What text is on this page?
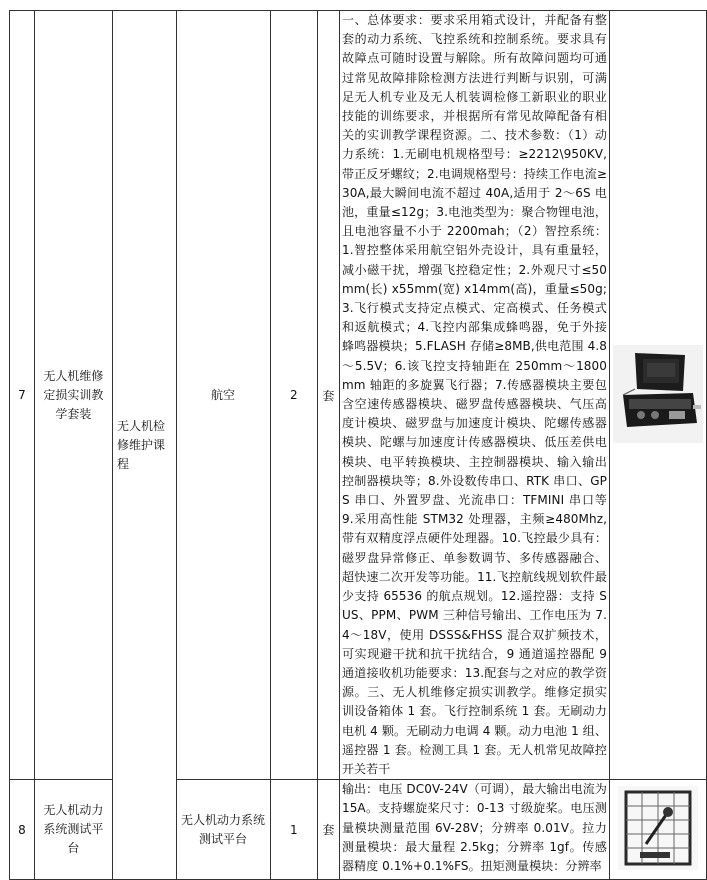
7	无人机维修定损实训教学套装	无人机检修维护课程	航空	2	套	一、总体要求：要求采用箱式设计，并配备有整套的动力系统、飞控系统和控制系统。要求具有故障点可随时设置与解除。所有故障问题均可通过常见故障排除检测方法进行判断与识别，可满足无人机专业及无人机装调检修工新职业的职业技能的训练要求，并根据所有常见故障配备有相关的实训教学课程资源。二、技术参数：（1）动力系统：1.无刷电机规格型号：≥2212\950KV,带正反牙螺纹；2.电调规格型号：持续工作电流≥30A,最大瞬间电流不超过 40A,适用于 2～6S 电池，重量≤12g；3.电池类型为：聚合物锂电池，且电池容量不小于 2200mah；（2）智控系统：1.智控整体采用航空铝外壳设计，具有重量轻，减小磁干扰，增强飞控稳定性；2.外观尺寸≤50mm(长) x55mm(宽) x14mm(高)，重量≤50g;3.飞行模式支持定点模式、定高模式、任务模式和返航模式；4.飞控内部集成蜂鸣器，免于外接蜂鸣器模块；5.FLASH 存储≥8MB,供电范围 4.8～5.5V；6.该飞控支持轴距在 250mm～1800mm 轴距的多旋翼飞行器；7.传感器模块主要包含空速传感器模块、磁罗盘传感器模块、气压高度计模块、磁罗盘与加速度计模块、陀螺传感器模块、陀螺与加速度计传感器模块、低压差供电模块、电平转换模块、主控制器模块、输入输出控制器模块等；8.外设数传串口、RTK 串口、GPS 串口、外置罗盘、光流串口：TFMINI 串口等 9.采用高性能 STM32 处理器，主频≥480Mhz,带有双精度浮点硬件处理器。10.飞控最少具有：磁罗盘异常修正、单参数调节、多传感器融合、超快速二次开发等功能。11.飞控航线规划软件最少支持 65536 的航点规划。12.遥控器：支持 SUS、PPM、PWM 三种信号输出、工作电压为 7.4～18V，使用 DSSS&FHSS 混合双扩频技术，可实现避干扰和抗干扰结合，9 通道遥控器配 9 通道接收机功能要求：13.配套与之对应的教学资源。三、无人机维修定损实训教学。维修定损实训设备箱体 1 套。飞行控制系统 1 套。无刷动力电机 4 颗。无刷动力电调 4 颗。动力电池 1 组、遥控器 1 套。检测工具 1 套。无人机常见故障控开关若干	
8	无人机动力系统测试平台		无人机动力系统测试平台	1	套	输出：电压 DC0V-24V（可调），最大输出电流为 15A。支持螺旋桨尺寸：0-13 寸级旋桨。电压测量模块测量范围 6V-28V；分辨率 0.01V。拉力测量模块：最大量程 2.5kg；分辨率 1gf。传感器精度 0.1%+0.1%FS。扭矩测量模块：分辨率	
